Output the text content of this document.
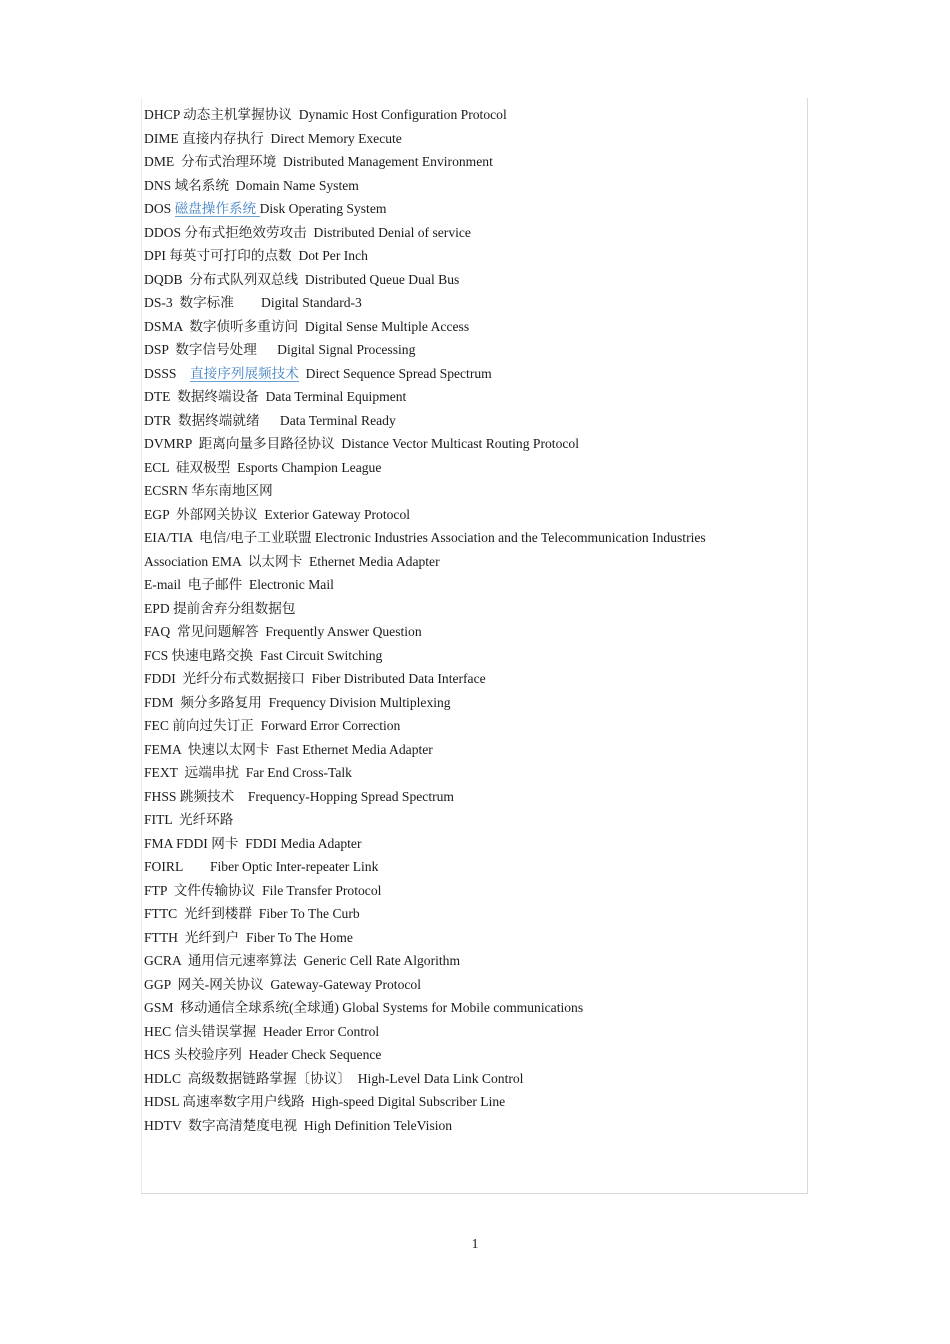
DHCP 动态主机掌握协议  Dynamic Host Configuration Protocol
DIME 直接内存执行  Direct Memory Execute
DME  分布式治理环境  Distributed Management Environment
DNS 域名系统  Domain Name System
DOS 磁盘操作系统 Disk Operating System
DDOS 分布式拒绝效劳攻击  Distributed Denial of service
DPI 每英寸可打印的点数  Dot Per Inch
DQDB  分布式队列双总线  Distributed Queue Dual Bus
DS-3  数字标准        Digital Standard-3
DSMA  数字侦听多重访问  Digital Sense Multiple Access
DSP  数字信号处理      Digital Signal Processing
DSSS    直接序列展频技术  Direct Sequence Spread Spectrum
DTE  数据终端设备  Data Terminal Equipment
DTR  数据终端就绪      Data Terminal Ready
DVMRP  距离向量多目路径协议  Distance Vector Multicast Routing Protocol
ECL  硅双极型  Esports Champion League
ECSRN 华东南地区网
EGP  外部网关协议  Exterior Gateway Protocol
EIA/TIA  电信/电子工业联盟 Electronic Industries Association and the Telecommunication Industries
Association EMA  以太网卡  Ethernet Media Adapter
E-mail  电子邮件  Electronic Mail
EPD 提前舍弃分组数据包
FAQ  常见问题解答  Frequently Answer Question
FCS 快速电路交换  Fast Circuit Switching
FDDI  光纤分布式数据接口  Fiber Distributed Data Interface
FDM  频分多路复用  Frequency Division Multiplexing
FEC 前向过失订正  Forward Error Correction
FEMA  快速以太网卡  Fast Ethernet Media Adapter
FEXT  远端串扰  Far End Cross-Talk
FHSS 跳频技术    Frequency-Hopping Spread Spectrum
FITL  光纤环路
FMA FDDI 网卡  FDDI Media Adapter
FOIRL        Fiber Optic Inter-repeater Link
FTP  文件传输协议  File Transfer Protocol
FTTC  光纤到楼群  Fiber To The Curb
FTTH  光纤到户  Fiber To The Home
GCRA  通用信元速率算法  Generic Cell Rate Algorithm
GGP  网关-网关协议  Gateway-Gateway Protocol
GSM  移动通信全球系统(全球通) Global Systems for Mobile communications
HEC 信头错误掌握  Header Error Control
HCS 头校验序列  Header Check Sequence
HDLC  高级数据链路掌握〔协议〕  High-Level Data Link Control
HDSL 高速率数字用户线路  High-speed Digital Subscriber Line
HDTV  数字高清楚度电视  High Definition TeleVision
1
